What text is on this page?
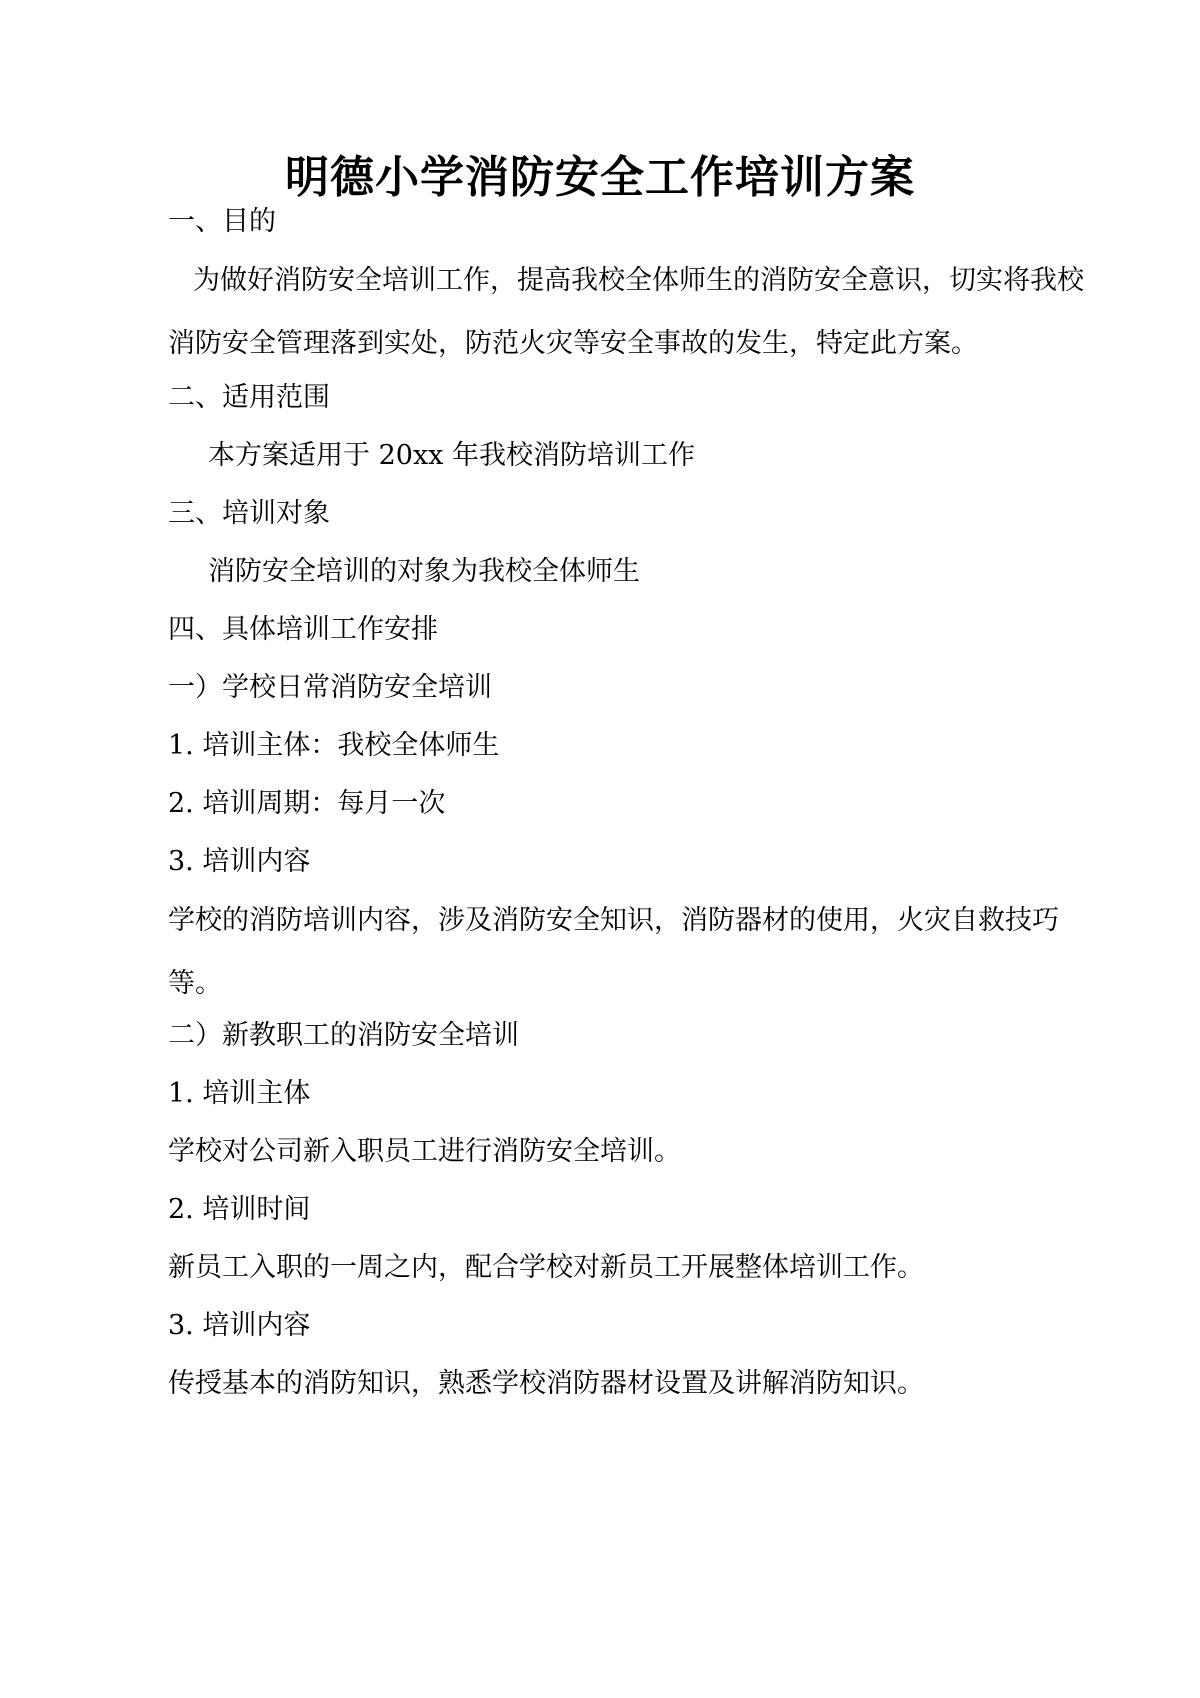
明德小学消防安全工作培训方案
一、目的
为做好消防安全培训工作，提高我校全体师生的消防安全意识，切实将我校消防安全管理落到实处，防范火灾等安全事故的发生，特定此方案。
二、适用范围
本方案适用于 20xx 年我校消防培训工作
三、培训对象
消防安全培训的对象为我校全体师生
四、具体培训工作安排
一）学校日常消防安全培训
1. 培训主体：我校全体师生
2. 培训周期：每月一次
3. 培训内容
学校的消防培训内容，涉及消防安全知识，消防器材的使用，火灾自救技巧等。
二）新教职工的消防安全培训
1. 培训主体
学校对公司新入职员工进行消防安全培训。
2. 培训时间
新员工入职的一周之内，配合学校对新员工开展整体培训工作。
3. 培训内容
传授基本的消防知识，熟悉学校消防器材设置及讲解消防知识。
